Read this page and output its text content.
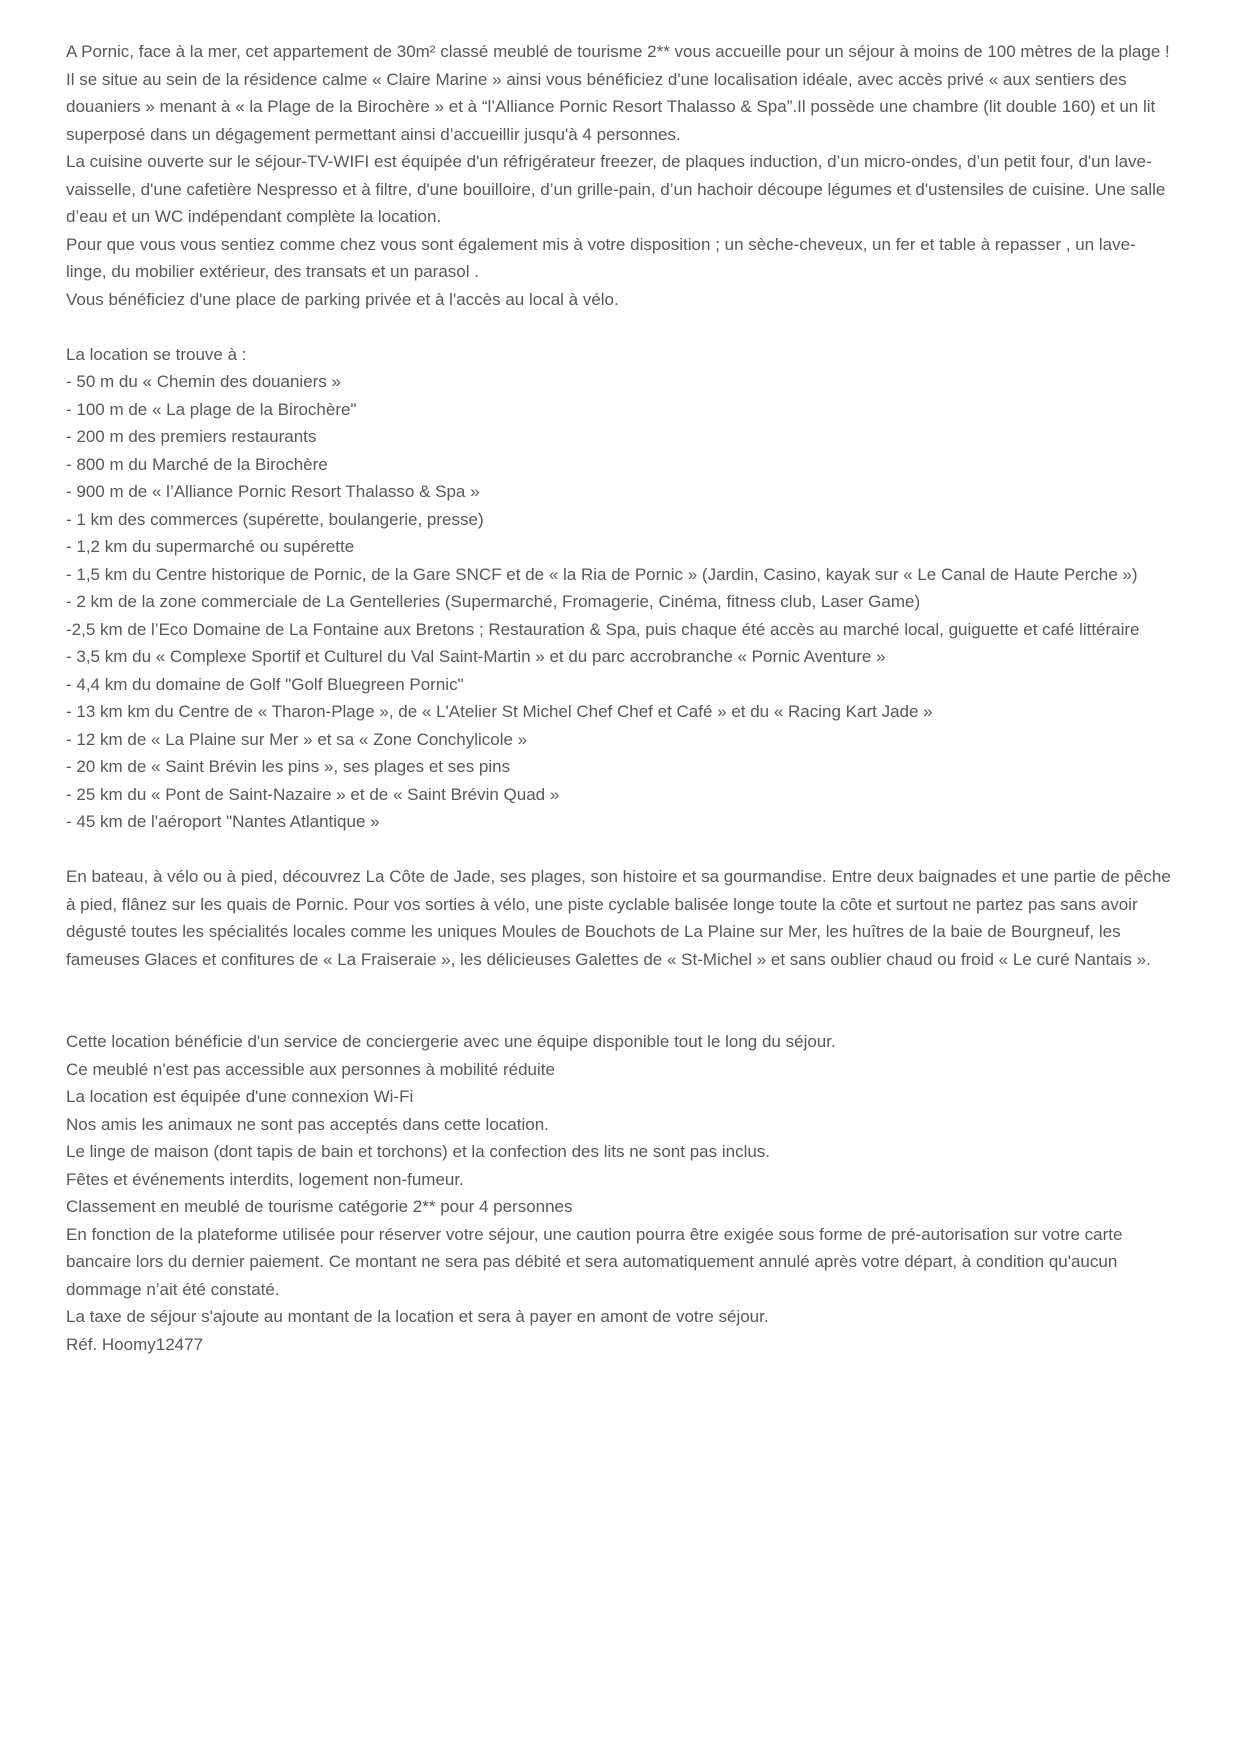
A Pornic, face à la mer, cet appartement de 30m² classé meublé de tourisme 2** vous accueille pour un séjour à moins de 100 mètres de la plage ! Il se situe au sein de la résidence calme « Claire Marine » ainsi vous bénéficiez d'une localisation idéale, avec accès privé « aux sentiers des douaniers » menant à « la Plage de la Birochère » et à “l’Alliance Pornic Resort Thalasso & Spa”.Il possède une chambre (lit double 160) et un lit superposé dans un dégagement permettant ainsi d’accueillir jusqu'à 4 personnes.

La cuisine ouverte sur le séjour-TV-WIFI est équipée d'un réfrigérateur freezer, de plaques induction, d’un micro-ondes, d’un petit four, d'un lave-vaisselle, d'une cafetière Nespresso et à filtre, d'une bouilloire, d’un grille-pain, d’un hachoir découpe légumes et d'ustensiles de cuisine. Une salle d’eau et un WC indépendant complète la location.

Pour que vous vous sentiez comme chez vous sont également mis à votre disposition ; un sèche-cheveux, un fer et table à repasser , un lave-linge, du mobilier extérieur, des transats et un parasol .

Vous bénéficiez d'une place de parking privée et à l'accès au local à vélo.

La location se trouve à :

- 50 m du « Chemin des douaniers »

- 100 m de « La plage de la Birochère"

- 200 m des premiers restaurants

- 800 m du Marché de la Birochère

- 900 m de « l’Alliance Pornic Resort Thalasso & Spa »

- 1 km des commerces (supérette, boulangerie, presse)

- 1,2 km du supermarché ou supérette

- 1,5 km du Centre historique de Pornic, de la Gare SNCF et de « la Ria de Pornic » (Jardin, Casino, kayak sur « Le Canal de Haute Perche »)

- 2 km de la zone commerciale de La Gentelleries (Supermarché, Fromagerie, Cinéma, fitness club, Laser Game)

-2,5 km de l’Eco Domaine de La Fontaine aux Bretons ; Restauration & Spa, puis chaque été accès au marché local, guiguette et café littéraire

- 3,5 km du « Complexe Sportif et Culturel du Val Saint-Martin » et du parc accrobranche « Pornic Aventure »

- 4,4 km du domaine de Golf "Golf Bluegreen Pornic"

- 13 km km du Centre de « Tharon-Plage », de « L'Atelier St Michel Chef Chef et Café » et du « Racing Kart Jade »

- 12 km de « La Plaine sur Mer » et sa « Zone Conchylicole »

- 20 km de « Saint Brévin les pins », ses plages et ses pins

- 25 km du « Pont de Saint-Nazaire » et de « Saint Brévin Quad »

- 45 km de l'aéroport "Nantes Atlantique »

En bateau, à vélo ou à pied, découvrez La Côte de Jade, ses plages, son histoire et sa gourmandise. Entre deux baignades et une partie de pêche à pied, flânez sur les quais de Pornic. Pour vos sorties à vélo, une piste cyclable balisée longe toute la côte et surtout ne partez pas sans avoir dégusté toutes les spécialités locales comme les uniques Moules de Bouchots de La Plaine sur Mer, les huîtres de la baie de Bourgneuf, les fameuses Glaces et confitures de « La Fraiseraie », les délicieuses Galettes de « St-Michel » et sans oublier chaud ou froid « Le curé Nantais ».

Cette location bénéficie d'un service de conciergerie avec une équipe disponible tout le long du séjour.

Ce meublé n'est pas accessible aux personnes à mobilité réduite

La location est équipée d'une connexion Wi-Fi

Nos amis les animaux ne sont pas acceptés dans cette location.

Le linge de maison (dont tapis de bain et torchons) et la confection des lits ne sont pas inclus.

Fêtes et événements interdits, logement non-fumeur.

Classement en meublé de tourisme catégorie 2** pour 4 personnes

En fonction de la plateforme utilisée pour réserver votre séjour, une caution pourra être exigée sous forme de pré-autorisation sur votre carte bancaire lors du dernier paiement. Ce montant ne sera pas débité et sera automatiquement annulé après votre départ, à condition qu'aucun dommage n’ait été constaté.

La taxe de séjour s'ajoute au montant de la location et sera à payer en amont de votre séjour.

Réf. Hoomy12477
